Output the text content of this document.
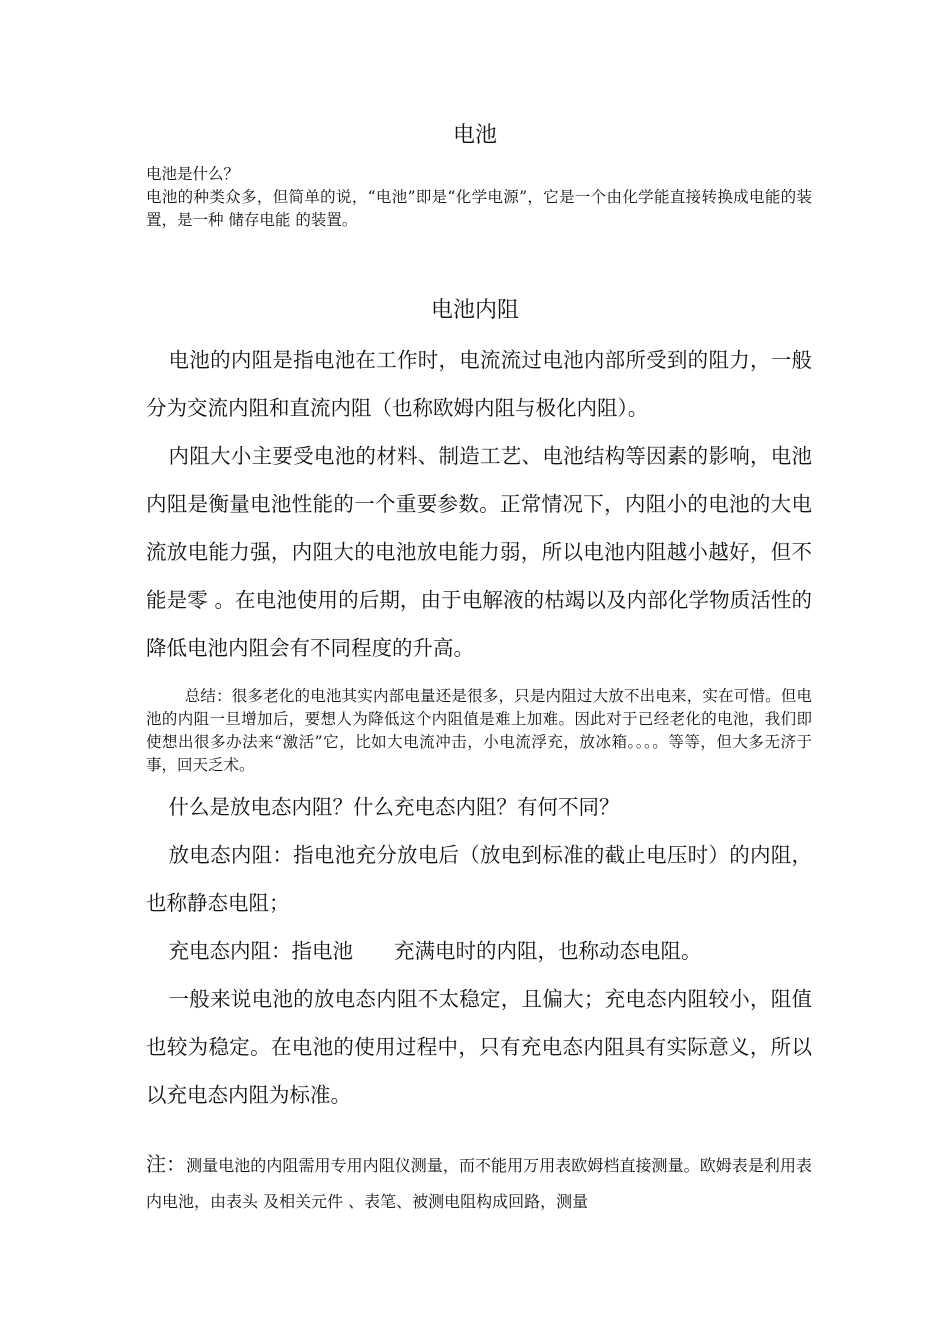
电池

电池是什么？

电池的种类众多，但简单的说，“电池”即是“化学电源”，它是一个由化学能直接转换成电能的装置，是一种 储存电能 的装置。

电池内阻

电池的内阻是指电池在工作时，电流流过电池内部所受到的阻力，一般分为交流内阻和直流内阻（也称欧姆内阻与极化内阻）。

内阻大小主要受电池的材料、制造工艺、电池结构等因素的影响，电池内阻是衡量电池性能的一个重要参数。正常情况下，内阻小的电池的大电流放电能力强，内阻大的电池放电能力弱，所以电池内阻越小越好，但不能是零 。在电池使用的后期，由于电解液的枯竭以及内部化学物质活性的降低电池内阻会有不同程度的升高。

总结：很多老化的电池其实内部电量还是很多，只是内阻过大放不出电来，实在可惜。但电池的内阻一旦增加后，要想人为降低这个内阻值是难上加难。因此对于已经老化的电池，我们即使想出很多办法来“激活”它，比如大电流冲击，小电流浮充，放冰箱。。。。等等，但大多无济于事，回天乏术。

什么是放电态内阻？什么充电态内阻？有何不同？

放电态内阻：指电池充分放电后（放电到标准的截止电压时）的内阻，也称静态电阻；

充电态内阻：指电池　　充满电时的内阻，也称动态电阻。

一般来说电池的放电态内阻不太稳定，且偏大；充电态内阻较小，阻值也较为稳定。在电池的使用过程中，只有充电态内阻具有实际意义，所以以充电态内阻为标准。

注：测量电池的内阻需用专用内阻仪测量，而不能用万用表欧姆档直接测量。欧姆表是利用表内电池，由表头 及相关元件 、表笔、被测电阻构成回路，测量
